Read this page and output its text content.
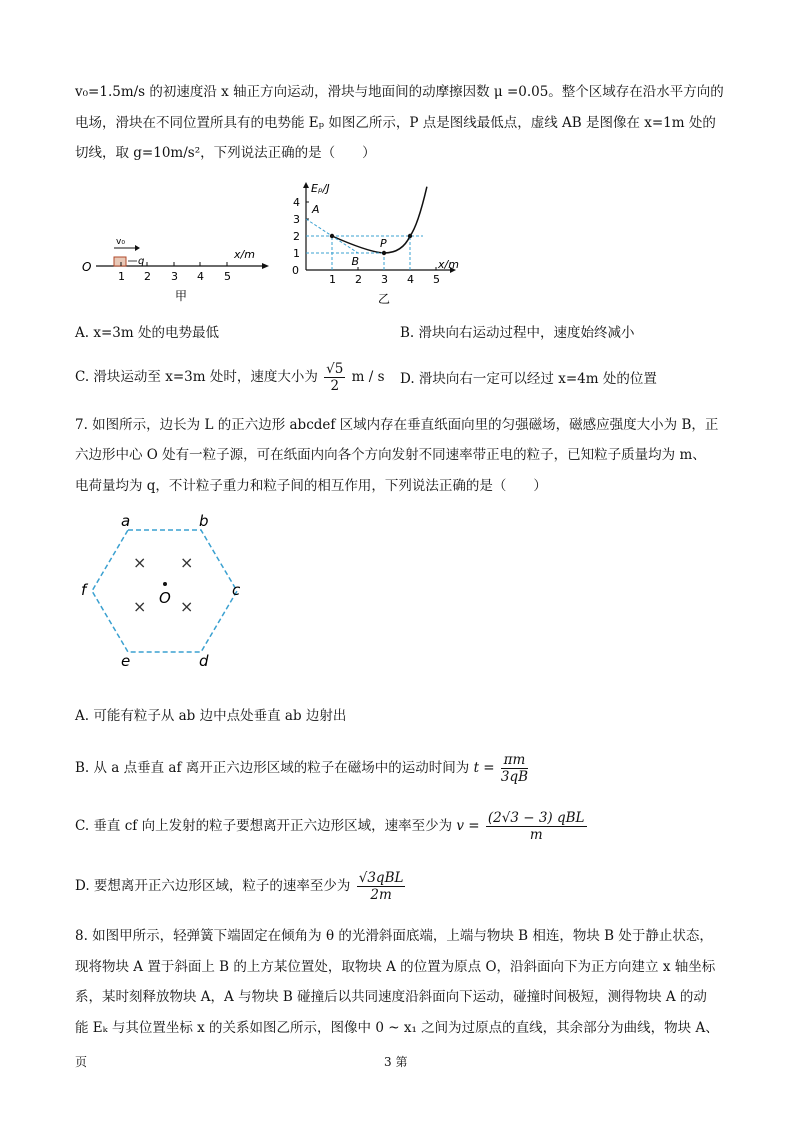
v₀=1.5m/s 的初速度沿 x 轴正方向运动，滑块与地面间的动摩擦因数 μ =0.05。整个区域存在沿水平方向的
电场，滑块在不同位置所具有的电势能 Eₚ 如图乙所示，P 点是图线最低点，虚线 AB 是图像在 x=1m 处的
切线，取 g=10m/s²，下列说法正确的是（　　）
O
v₀
q
1 2 3 4 5
x/m
甲
1 2 3 4 5
1
2
3
4
A
P
B
Eₚ/J
x/m
0
乙
A. x=3m 处的电势最低	B. 滑块向右运动过程中，速度始终减小
C. 滑块运动至 x=3m 处时，速度大小为 $\frac{√5}{2}$ m / s D. 滑块向右一定可以经过 x=4m 处的位置
7. 如图所示，边长为 L 的正六边形 abcdef 区域内存在垂直纸面向里的匀强磁场，磁感应强度大小为 B，正
六边形中心 O 处有一粒子源，可在纸面内向各个方向发射不同速率带正电的粒子，已知粒子质量均为 m、
电荷量均为 q，不计粒子重力和粒子间的相互作用，下列说法正确的是（　　）
a	b
c
d
e
f	O
× ×
× ×
A. 可能有粒子从 ab 边中点处垂直 ab 边射出
B. 从 a 点垂直 af 离开正六边形区域的粒子在磁场中的运动时间为 $t = \frac{\pi m}{3qB}$
C. 垂直 cf 向上发射的粒子要想离开正六边形区域，速率至少为 $v = \frac{\text{(2√3 − 3) qBL}}{m}$
D. 要想离开正六边形区域，粒子的速率至少为 $\frac{\text{√3qBL}}{2m}$
8. 如图甲所示，轻弹簧下端固定在倾角为 θ 的光滑斜面底端，上端与物块 B 相连，物块 B 处于静止状态，
现将物块 A 置于斜面上 B 的上方某位置处，取物块 A 的位置为原点 O，沿斜面向下为正方向建立 x 轴坐标
系，某时刻释放物块 A，A 与物块 B 碰撞后以共同速度沿斜面向下运动，碰撞时间极短，测得物块 A 的动
能 Eₖ 与其位置坐标 x 的关系如图乙所示，图像中 0 ~ x₁ 之间为过原点的直线，其余部分为曲线，物块 A、
页	3 第
